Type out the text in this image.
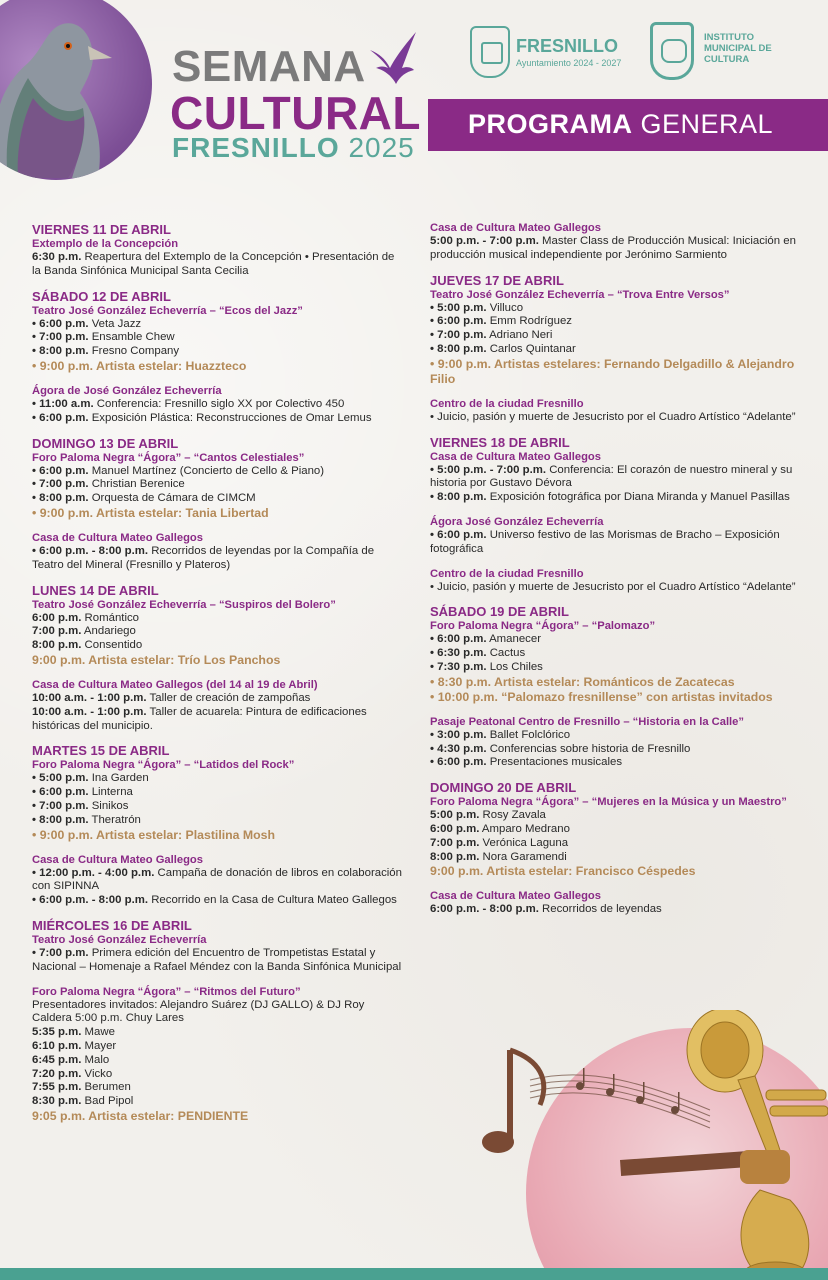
SEMANA
CULTURAL
FRESNILLO 2025
FRESNILLO
Ayuntamiento 2024 - 2027
INSTITUTO MUNICIPAL DE CULTURA
PROGRAMA GENERAL
VIERNES 11 DE ABRIL
Extemplo de la Concepción
6:30 p.m. Reapertura del Extemplo de la Concepción • Presentación de la Banda Sinfónica Municipal Santa Cecilia
SÁBADO 12 DE ABRIL
Teatro José González Echeverría – “Ecos del Jazz”
• 6:00 p.m. Veta Jazz
• 7:00 p.m. Ensamble Chew
• 8:00 p.m. Fresno Company
• 9:00 p.m. Artista estelar: Huazzteco
Ágora de José González Echeverría
• 11:00 a.m. Conferencia: Fresnillo siglo XX por Colectivo 450
• 6:00 p.m. Exposición Plástica: Reconstrucciones de Omar Lemus
DOMINGO 13 DE ABRIL
Foro Paloma Negra “Ágora” – “Cantos Celestiales”
• 6:00 p.m. Manuel Martínez (Concierto de Cello & Piano)
• 7:00 p.m. Christian Berenice
• 8:00 p.m. Orquesta de Cámara de CIMCM
• 9:00 p.m. Artista estelar: Tania Libertad
Casa de Cultura Mateo Gallegos
• 6:00 p.m. - 8:00 p.m. Recorridos de leyendas por la Compañía de Teatro del Mineral (Fresnillo y Plateros)
LUNES 14 DE ABRIL
Teatro José González Echeverría – “Suspiros del Bolero”
6:00 p.m. Romántico
7:00 p.m. Andariego
8:00 p.m. Consentido
9:00 p.m. Artista estelar: Trío Los Panchos
Casa de Cultura Mateo Gallegos (del 14 al 19 de Abril)
10:00 a.m. - 1:00 p.m. Taller de creación de zampoñas
10:00 a.m. - 1:00 p.m. Taller de acuarela: Pintura de edificaciones históricas del municipio.
MARTES 15 DE ABRIL
Foro Paloma Negra “Ágora” – “Latidos del Rock”
• 5:00 p.m. Ina Garden
• 6:00 p.m. Linterna
• 7:00 p.m. Sinikos
• 8:00 p.m. Theratrón
• 9:00 p.m. Artista estelar: Plastilina Mosh
Casa de Cultura Mateo Gallegos
• 12:00 p.m. - 4:00 p.m. Campaña de donación de libros en colaboración con SIPINNA
• 6:00 p.m. - 8:00 p.m. Recorrido en la Casa de Cultura Mateo Gallegos
MIÉRCOLES 16 DE ABRIL
Teatro José González Echeverría
• 7:00 p.m. Primera edición del Encuentro de Trompetistas Estatal y Nacional – Homenaje a Rafael Méndez con la Banda Sinfónica Municipal
Foro Paloma Negra “Ágora” – “Ritmos del Futuro”
Presentadores invitados: Alejandro Suárez (DJ GALLO) & DJ Roy Caldera 5:00 p.m. Chuy Lares
5:35 p.m. Mawe
6:10 p.m. Mayer
6:45 p.m. Malo
7:20 p.m. Vicko
7:55 p.m. Berumen
8:30 p.m. Bad Pipol
9:05 p.m. Artista estelar: PENDIENTE
Casa de Cultura Mateo Gallegos
5:00 p.m. - 7:00 p.m. Master Class de Producción Musical: Iniciación en producción musical independiente por Jerónimo Sarmiento
JUEVES 17 DE ABRIL
Teatro José González Echeverría – “Trova Entre Versos”
• 5:00 p.m. Villuco
• 6:00 p.m. Emm Rodríguez
• 7:00 p.m. Adriano Neri
• 8:00 p.m. Carlos Quintanar
• 9:00 p.m. Artistas estelares: Fernando Delgadillo & Alejandro Filio
Centro de la ciudad Fresnillo
• Juicio, pasión y muerte de Jesucristo por el Cuadro Artístico “Adelante”
VIERNES 18 DE ABRIL
Casa de Cultura Mateo Gallegos
• 5:00 p.m. - 7:00 p.m. Conferencia: El corazón de nuestro mineral y su historia por Gustavo Dévora
• 8:00 p.m. Exposición fotográfica por Diana Miranda y Manuel Pasillas
Ágora José González Echeverría
• 6:00 p.m. Universo festivo de las Morismas de Bracho – Exposición fotográfica
Centro de la ciudad Fresnillo
• Juicio, pasión y muerte de Jesucristo por el Cuadro Artístico “Adelante”
SÁBADO 19 DE ABRIL
Foro Paloma Negra “Ágora” – “Palomazo”
• 6:00 p.m. Amanecer
• 6:30 p.m. Cactus
• 7:30 p.m. Los Chiles
• 8:30 p.m. Artista estelar: Románticos de Zacatecas
• 10:00 p.m. “Palomazo fresnillense” con artistas invitados
Pasaje Peatonal Centro de Fresnillo – “Historia en la Calle”
• 3:00 p.m. Ballet Folclórico
• 4:30 p.m. Conferencias sobre historia de Fresnillo
• 6:00 p.m. Presentaciones musicales
DOMINGO 20 DE ABRIL
Foro Paloma Negra “Ágora” – “Mujeres en la Música y un Maestro”
5:00 p.m. Rosy Zavala
6:00 p.m. Amparo Medrano
7:00 p.m. Verónica Laguna
8:00 p.m. Nora Garamendi
9:00 p.m. Artista estelar: Francisco Céspedes
Casa de Cultura Mateo Gallegos
6:00 p.m. - 8:00 p.m. Recorridos de leyendas
